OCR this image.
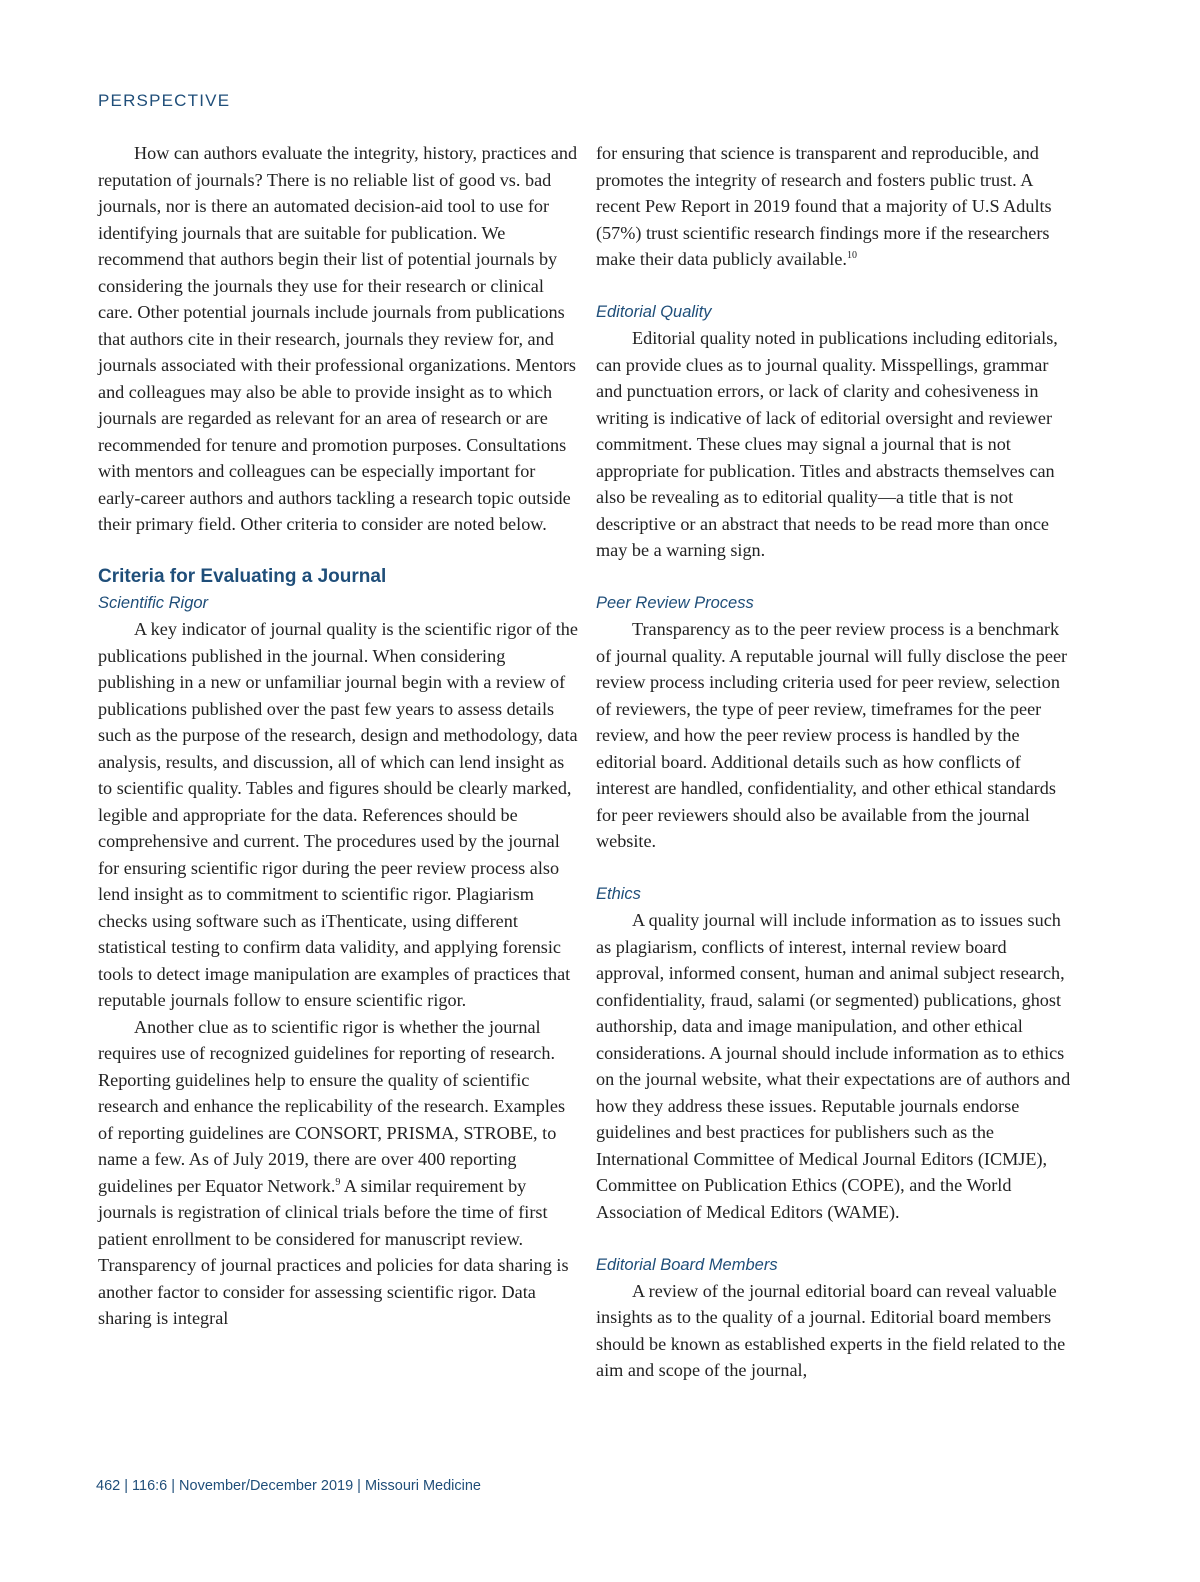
PERSPECTIVE

How can authors evaluate the integrity, history, practices and reputation of journals? There is no reliable list of good vs. bad journals, nor is there an automated decision-aid tool to use for identifying journals that are suitable for publication. We recommend that authors begin their list of potential journals by considering the journals they use for their research or clinical care. Other potential journals include journals from publications that authors cite in their research, journals they review for, and journals associated with their professional organizations. Mentors and colleagues may also be able to provide insight as to which journals are regarded as relevant for an area of research or are recommended for tenure and promotion purposes. Consultations with mentors and colleagues can be especially important for early-career authors and authors tackling a research topic outside their primary field. Other criteria to consider are noted below.

Criteria for Evaluating a Journal

Scientific Rigor

A key indicator of journal quality is the scientific rigor of the publications published in the journal. When considering publishing in a new or unfamiliar journal begin with a review of publications published over the past few years to assess details such as the purpose of the research, design and methodology, data analysis, results, and discussion, all of which can lend insight as to scientific quality. Tables and figures should be clearly marked, legible and appropriate for the data. References should be comprehensive and current. The procedures used by the journal for ensuring scientific rigor during the peer review process also lend insight as to commitment to scientific rigor. Plagiarism checks using software such as iThenticate, using different statistical testing to confirm data validity, and applying forensic tools to detect image manipulation are examples of practices that reputable journals follow to ensure scientific rigor.

Another clue as to scientific rigor is whether the journal requires use of recognized guidelines for reporting of research. Reporting guidelines help to ensure the quality of scientific research and enhance the replicability of the research. Examples of reporting guidelines are CONSORT, PRISMA, STROBE, to name a few. As of July 2019, there are over 400 reporting guidelines per Equator Network.$^9$ A similar requirement by journals is registration of clinical trials before the time of first patient enrollment to be considered for manuscript review. Transparency of journal practices and policies for data sharing is another factor to consider for assessing scientific rigor. Data sharing is integral

for ensuring that science is transparent and reproducible, and promotes the integrity of research and fosters public trust. A recent Pew Report in 2019 found that a majority of U.S Adults (57%) trust scientific research findings more if the researchers make their data publicly available.$^{10}$

Editorial Quality

Editorial quality noted in publications including editorials, can provide clues as to journal quality. Misspellings, grammar and punctuation errors, or lack of clarity and cohesiveness in writing is indicative of lack of editorial oversight and reviewer commitment. These clues may signal a journal that is not appropriate for publication. Titles and abstracts themselves can also be revealing as to editorial quality—a title that is not descriptive or an abstract that needs to be read more than once may be a warning sign.

Peer Review Process

Transparency as to the peer review process is a benchmark of journal quality. A reputable journal will fully disclose the peer review process including criteria used for peer review, selection of reviewers, the type of peer review, timeframes for the peer review, and how the peer review process is handled by the editorial board. Additional details such as how conflicts of interest are handled, confidentiality, and other ethical standards for peer reviewers should also be available from the journal website.

Ethics

A quality journal will include information as to issues such as plagiarism, conflicts of interest, internal review board approval, informed consent, human and animal subject research, confidentiality, fraud, salami (or segmented) publications, ghost authorship, data and image manipulation, and other ethical considerations. A journal should include information as to ethics on the journal website, what their expectations are of authors and how they address these issues. Reputable journals endorse guidelines and best practices for publishers such as the International Committee of Medical Journal Editors (ICMJE), Committee on Publication Ethics (COPE), and the World Association of Medical Editors (WAME).

Editorial Board Members

A review of the journal editorial board can reveal valuable insights as to the quality of a journal. Editorial board members should be known as established experts in the field related to the aim and scope of the journal,

462 | 116:6 | November/December 2019 | Missouri Medicine
